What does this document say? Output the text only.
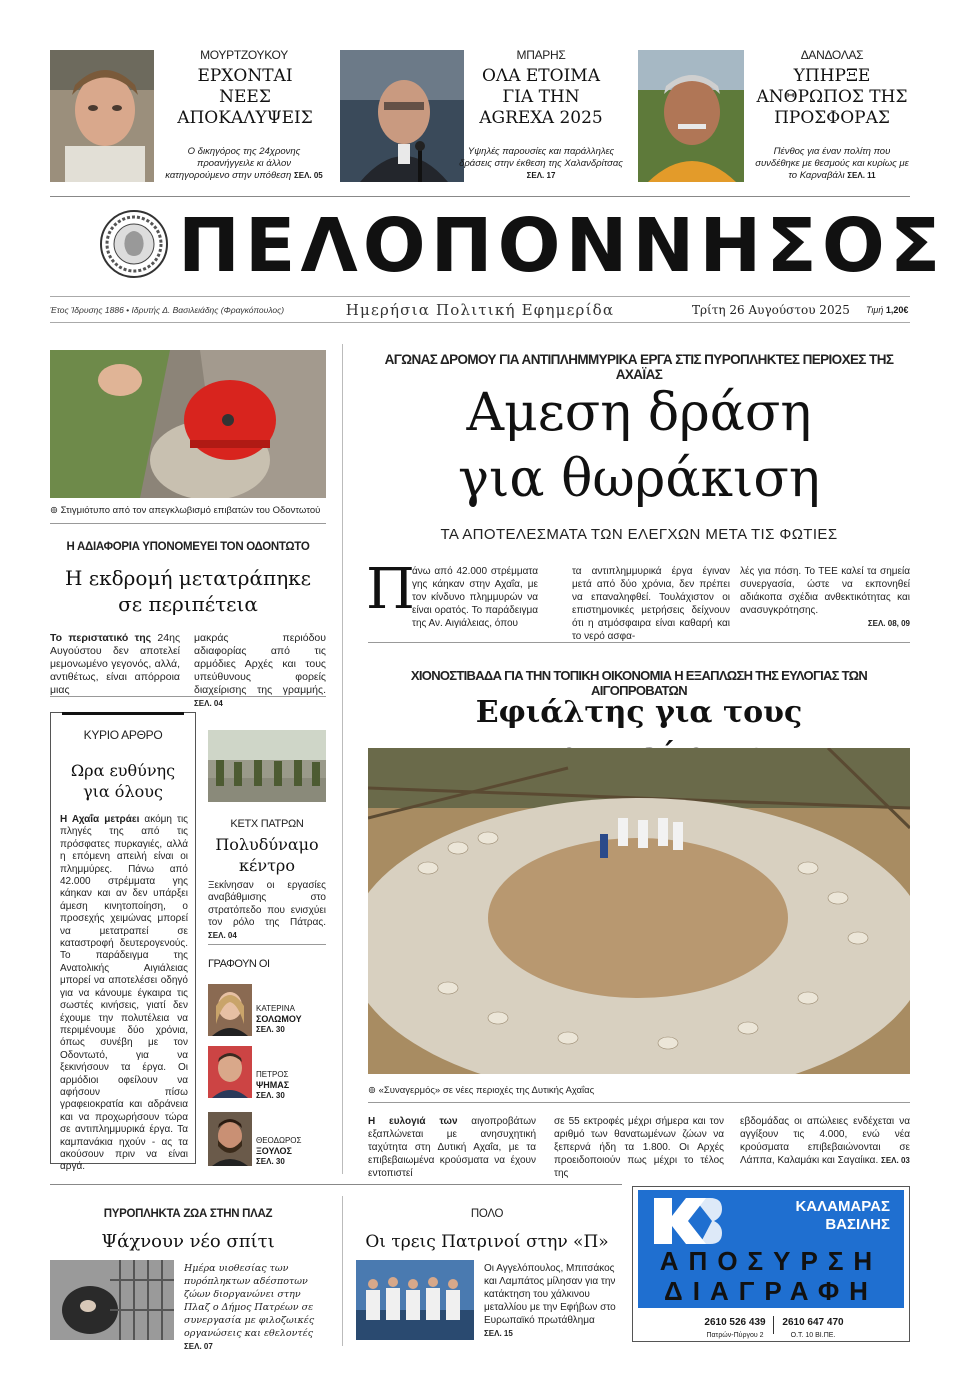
ΜΟΥΡΤΖΟΥΚΟΥ
ΕΡΧΟΝΤΑΙ ΝΕΕΣ ΑΠΟΚΑΛΥΨΕΙΣ
Ο δικηγόρος της 24χρονης προανήγγειλε κι άλλον κατηγορούμενο στην υπόθεση ΣΕΛ. 05
ΜΠΑΡΗΣ
ΟΛΑ ΕΤΟΙΜΑ ΓΙΑ ΤΗΝ AGREXA 2025
Υψηλές παρουσίες και παράλληλες δράσεις στην έκθεση της Χαλανδρίτσας ΣΕΛ. 17
ΔΑΝΔΟΛΑΣ
ΥΠΗΡΞΕ ΑΝΘΡΩΠΟΣ ΤΗΣ ΠΡΟΣΦΟΡΑΣ
Πένθος για έναν πολίτη που συνδέθηκε με θεσμούς και κυρίως με το Καρναβάλι ΣΕΛ. 11
ΠΕΛΟΠΟΝΝΗΣΟΣ
Έτος Ίδρυσης 1886 • Ιδρυτής Δ. Βασιλειάδης (Φραγκόπουλος)	Ημερήσια Πολιτική Εφημερίδα	Τρίτη 26 Αυγούστου 2025 Τιμή 1,20€
⊚ Στιγμιότυπο από τον απεγκλωβισμό επιβατών του Οδοντωτού
Η ΑΔΙΑΦΟΡΙΑ ΥΠΟΝΟΜΕΥΕΙ ΤΟΝ ΟΔΟΝΤΩΤΟ
Η εκδρομή μετατράπηκε σε περιπέτεια
Το περιστατικό της 24ης Αυγούστου δεν αποτελεί μεμονωμένο γεγονός, αλλά, αντιθέτως, είναι απόρροια μιας
μακράς περιόδου αδιαφορίας από τις αρμόδιες Αρχές και τους υπεύθυνους φορείς διαχείρισης της γραμμής. ΣΕΛ. 04
ΚΥΡΙΟ ΑΡΘΡΟ
Ωρα ευθύνης για όλους
Η Αχαΐα μετράει ακόμη τις πληγές της από τις πρόσφατες πυρκαγιές, αλλά η επόμενη απειλή είναι οι πλημμύρες. Πάνω από 42.000 στρέμματα γης κάηκαν και αν δεν υπάρξει άμεση κινητοποίηση, ο προσεχής χειμώνας μπορεί να μετατραπεί σε καταστροφή δευτερογενούς. Το παράδειγμα της Ανατολικής Αιγιάλειας μπορεί να αποτελέσει οδηγό για να κάνουμε έγκαιρα τις σωστές κινήσεις, γιατί δεν έχουμε την πολυτέλεια να περιμένουμε δύο χρόνια, όπως συνέβη με τον Οδοντωτό, για να ξεκινήσουν τα έργα. Οι αρμόδιοι οφείλουν να αφήσουν πίσω γραφειοκρατία και αδράνεια και να προχωρήσουν τώρα σε αντιπλημμυρικά έργα. Τα καμπανάκια ηχούν - ας τα ακούσουν πριν να είναι αργά.
ΚΕΤΧ ΠΑΤΡΩΝ
Πολυδύναμο κέντρο
Ξεκίνησαν οι εργασίες αναβάθμισης στο στρατόπεδο που ενισχύει τον ρόλο της Πάτρας. ΣΕΛ. 04
ΓΡΑΦΟΥΝ ΟΙ
ΚΑΤΕΡΙΝΑ
ΣΟΛΩΜΟΥ
ΣΕΛ. 30
ΠΕΤΡΟΣ
ΨΗΜΑΣ
ΣΕΛ. 30
ΘΕΟΔΩΡΟΣ
ΞΟΥΛΟΣ
ΣΕΛ. 30
ΑΓΩΝΑΣ ΔΡΟΜΟΥ ΓΙΑ ΑΝΤΙΠΛΗΜΜΥΡΙΚΑ ΕΡΓΑ ΣΤΙΣ ΠΥΡΟΠΛΗΚΤΕΣ ΠΕΡΙΟΧΕΣ ΤΗΣ ΑΧΑΪΑΣ
Αμεση δράση
για θωράκιση
ΤΑ ΑΠΟΤΕΛΕΣΜΑΤΑ ΤΩΝ ΕΛΕΓΧΩΝ ΜΕΤΑ ΤΙΣ ΦΩΤΙΕΣ
Π
άνω από 42.000 στρέμματα γης κάηκαν στην Αχαΐα, με τον κίνδυνο πλημμυρών να είναι ορατός. Το παράδειγμα της Αν. Αιγιάλειας, όπου
τα αντιπλημμυρικά έργα έγιναν μετά από δύο χρόνια, δεν πρέπει να επαναληφθεί. Τουλάχιστον οι επιστημονικές μετρήσεις δείχνουν ότι η ατμόσφαιρα είναι καθαρή και το νερό ασφα-
λές για πόση. Το ΤΕΕ καλεί τα σημεία συνεργασία, ώστε να εκπονηθεί αδιάκοπα σχέδια ανθεκτικότητας και ανασυγκρότησης.

ΣΕΛ. 08, 09
ΧΙΟΝΟΣΤΙΒΑΔΑ ΓΙΑ ΤΗΝ ΤΟΠΙΚΗ ΟΙΚΟΝΟΜΙΑ Η ΕΞΑΠΛΩΣΗ ΤΗΣ ΕΥΛΟΓΙΑΣ ΤΩΝ ΑΙΓΟΠΡΟΒΑΤΩΝ
Εφιάλτης για τους
⊚ «Συναγερμός» σε νέες περιοχές της Δυτικής Αχαΐας
Η ευλογιά των αιγοπροβάτων εξαπλώνεται με ανησυχητική ταχύτητα στη Δυτική Αχαΐα, με τα επιβεβαιωμένα κρούσματα να έχουν εντοπιστεί
σε 55 εκτροφές μέχρι σήμερα και τον αριθμό των θανατωμένων ζώων να ξεπερνά ήδη τα 1.800. Οι Αρχές προειδοποιούν πως μέχρι το τέλος της
εβδομάδας οι απώλειες ενδέχεται να αγγίξουν τις 4.000, ενώ νέα κρούσματα επιβεβαιώνονται σε Λάππα, Καλαμάκι και Σαγαίικα. ΣΕΛ. 03
ΠΥΡΟΠΛΗΚΤΑ ΖΩΑ ΣΤΗΝ ΠΛΑΖ
Ψάχνουν νέο σπίτι
Ημέρα υιοθεσίας των πυρόπληκτων αδέσποτων ζώων διοργανώνει στην Πλαζ ο Δήμος Πατρέων σε συνεργασία με φιλοζωικές οργανώσεις και εθελοντές ΣΕΛ. 07
ΠΟΛΟ
Οι τρεις Πατρινοί στην «Π»
Οι Αγγελόπουλος, Μπιτσάκος και Λαμπάτος μίλησαν για την κατάκτηση του χάλκινου μεταλλίου με την Εφήβων στο Ευρωπαϊκό πρωτάθλημα ΣΕΛ. 15
ΚΑΛΑΜΑΡΑΣ
ΒΑΣΙΛΗΣ
ΑΠΟΣΥΡΣΗ
ΔΙΑΓΡΑΦΗ
2610 526 439
Πατρών-Πύργου 2
2610 647 470
Ο.Τ. 10 ΒΙ.ΠΕ.
